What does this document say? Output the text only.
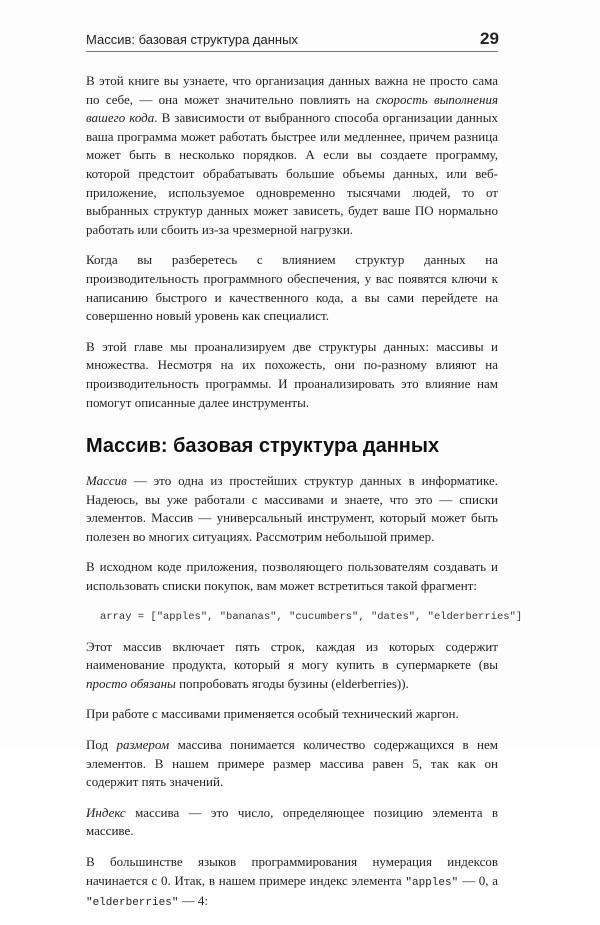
Массив: базовая структура данных	29

В этой книге вы узнаете, что организация данных важна не просто сама по себе, — она может значительно повлиять на скорость выполнения вашего кода. В зависимости от выбранного способа организации данных ваша программа может работать быстрее или медленнее, причем разница может быть в несколько порядков. А если вы создаете программу, которой предстоит обрабатывать большие объемы данных, или веб-приложение, используемое одновременно тысячами людей, то от выбранных структур данных может зависеть, будет ваше ПО нормально работать или сбоить из-за чрезмерной нагрузки.

Когда вы разберетесь с влиянием структур данных на производительность программного обеспечения, у вас появятся ключи к написанию быстрого и качественного кода, а вы сами перейдете на совершенно новый уровень как специалист.

В этой главе мы проанализируем две структуры данных: массивы и множества. Несмотря на их похожесть, они по-разному влияют на производительность программы. И проанализировать это влияние нам помогут описанные далее инструменты.

Массив: базовая структура данных

Массив — это одна из простейших структур данных в информатике. Надеюсь, вы уже работали с массивами и знаете, что это — списки элементов. Массив — универсальный инструмент, который может быть полезен во многих ситуациях. Рассмотрим небольшой пример.

В исходном коде приложения, позволяющего пользователям создавать и использовать списки покупок, вам может встретиться такой фрагмент:

array = ["apples", "bananas", "cucumbers", "dates", "elderberries"]

Этот массив включает пять строк, каждая из которых содержит наименование продукта, который я могу купить в супермаркете (вы просто обязаны попробовать ягоды бузины (elderberries)).

При работе с массивами применяется особый технический жаргон.

Под размером массива понимается количество содержащихся в нем элементов. В нашем примере размер массива равен 5, так как он содержит пять значений.

Индекс массива — это число, определяющее позицию элемента в массиве.

В большинстве языков программирования нумерация индексов начинается с 0. Итак, в нашем примере индекс элемента "apples" — 0, а "elderberries" — 4:
